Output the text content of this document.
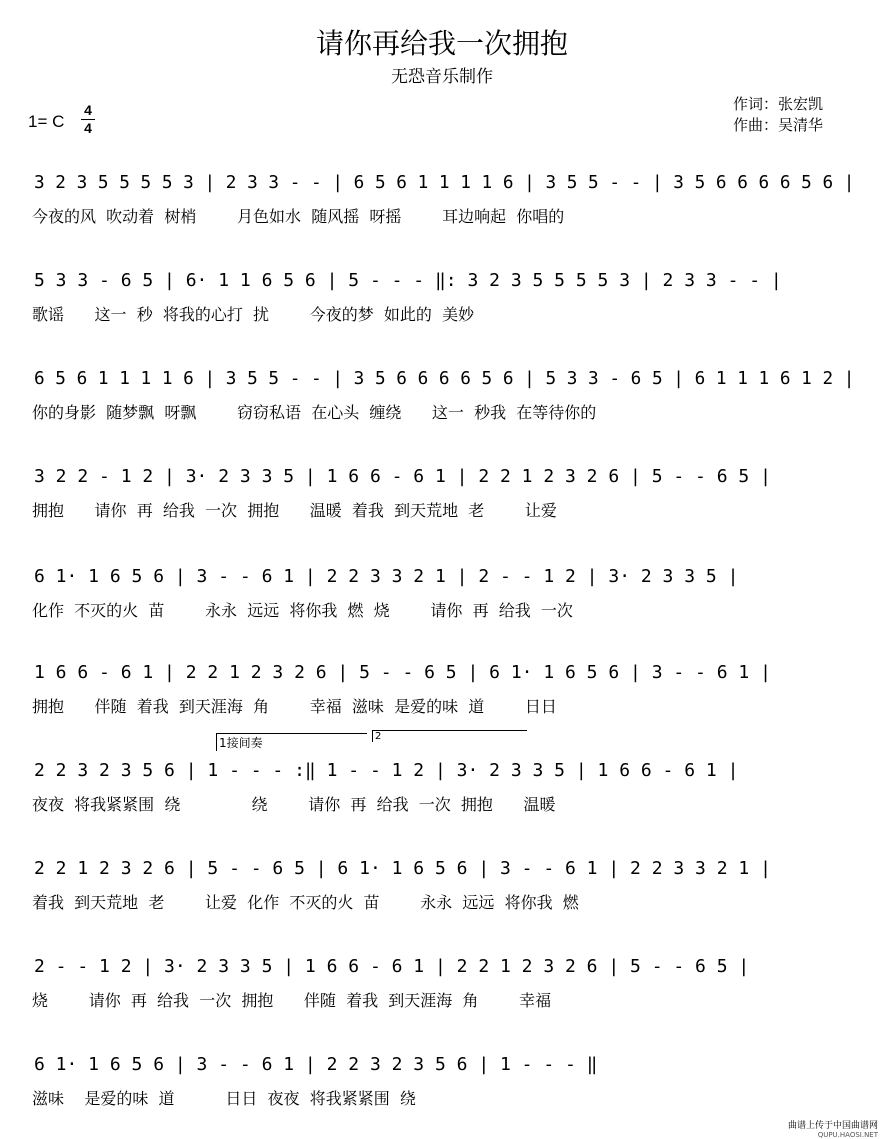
请你再给我一次拥抱
无恐音乐制作
1= C
4
4
作词：张宏凯
作曲：吴清华
3 2 3 5 5 5 5 3 | 2 3 3 - - | 6 5 6 1 1 1 1 6 | 3 5 5 - - | 3 5 6 6 6 6 5 6 |
今夜的风  吹动着  树梢        月色如水  随风摇  呀摇        耳边响起  你唱的
5 3 3 - 6 5 | 6· 1 1 6 5 6 | 5 - - - ‖: 3 2 3 5 5 5 5 3 | 2 3 3 - - |
歌谣      这一  秒  将我的心打  扰        今夜的梦  如此的  美妙
6 5 6 1 1 1 1 6 | 3 5 5 - - | 3 5 6 6 6 6 5 6 | 5 3 3 - 6 5 | 6 1 1 1 6 1 2 |
你的身影  随梦飘  呀飘        窃窃私语  在心头  缠绕      这一  秒我  在等待你的
3 2 2 - 1 2 | 3· 2 3 3 5 | 1 6 6 - 6 1 | 2 2 1 2 3 2 6 | 5 - - 6 5 |
拥抱      请你  再  给我  一次  拥抱      温暖  着我  到天荒地  老        让爱
6 1· 1 6 5 6 | 3 - - 6 1 | 2 2 3 3 2 1 | 2 - - 1 2 | 3· 2 3 3 5 |
化作  不灭的火  苗        永永  远远  将你我  燃  烧        请你  再  给我  一次
1 6 6 - 6 1 | 2 2 1 2 3 2 6 | 5 - - 6 5 | 6 1· 1 6 5 6 | 3 - - 6 1 |
拥抱      伴随  着我  到天涯海  角        幸福  滋味  是爱的味  道        日日
1接间奏	2
2 2 3 2 3 5 6 | 1 - - - :‖ 1 - - 1 2 | 3· 2 3 3 5 | 1 6 6 - 6 1 |
夜夜  将我紧紧围  绕              绕        请你  再  给我  一次  拥抱      温暖
2 2 1 2 3 2 6 | 5 - - 6 5 | 6 1· 1 6 5 6 | 3 - - 6 1 | 2 2 3 3 2 1 |
着我  到天荒地  老        让爱  化作  不灭的火  苗        永永  远远  将你我  燃
2 - - 1 2 | 3· 2 3 3 5 | 1 6 6 - 6 1 | 2 2 1 2 3 2 6 | 5 - - 6 5 |
烧        请你  再  给我  一次  拥抱      伴随  着我  到天涯海  角        幸福
6 1· 1 6 5 6 | 3 - - 6 1 | 2 2 3 2 3 5 6 | 1 - - - ‖
滋味    是爱的味  道          日日  夜夜  将我紧紧围  绕
曲谱上传于中国曲谱网
QUPU.HAOSI.NET
